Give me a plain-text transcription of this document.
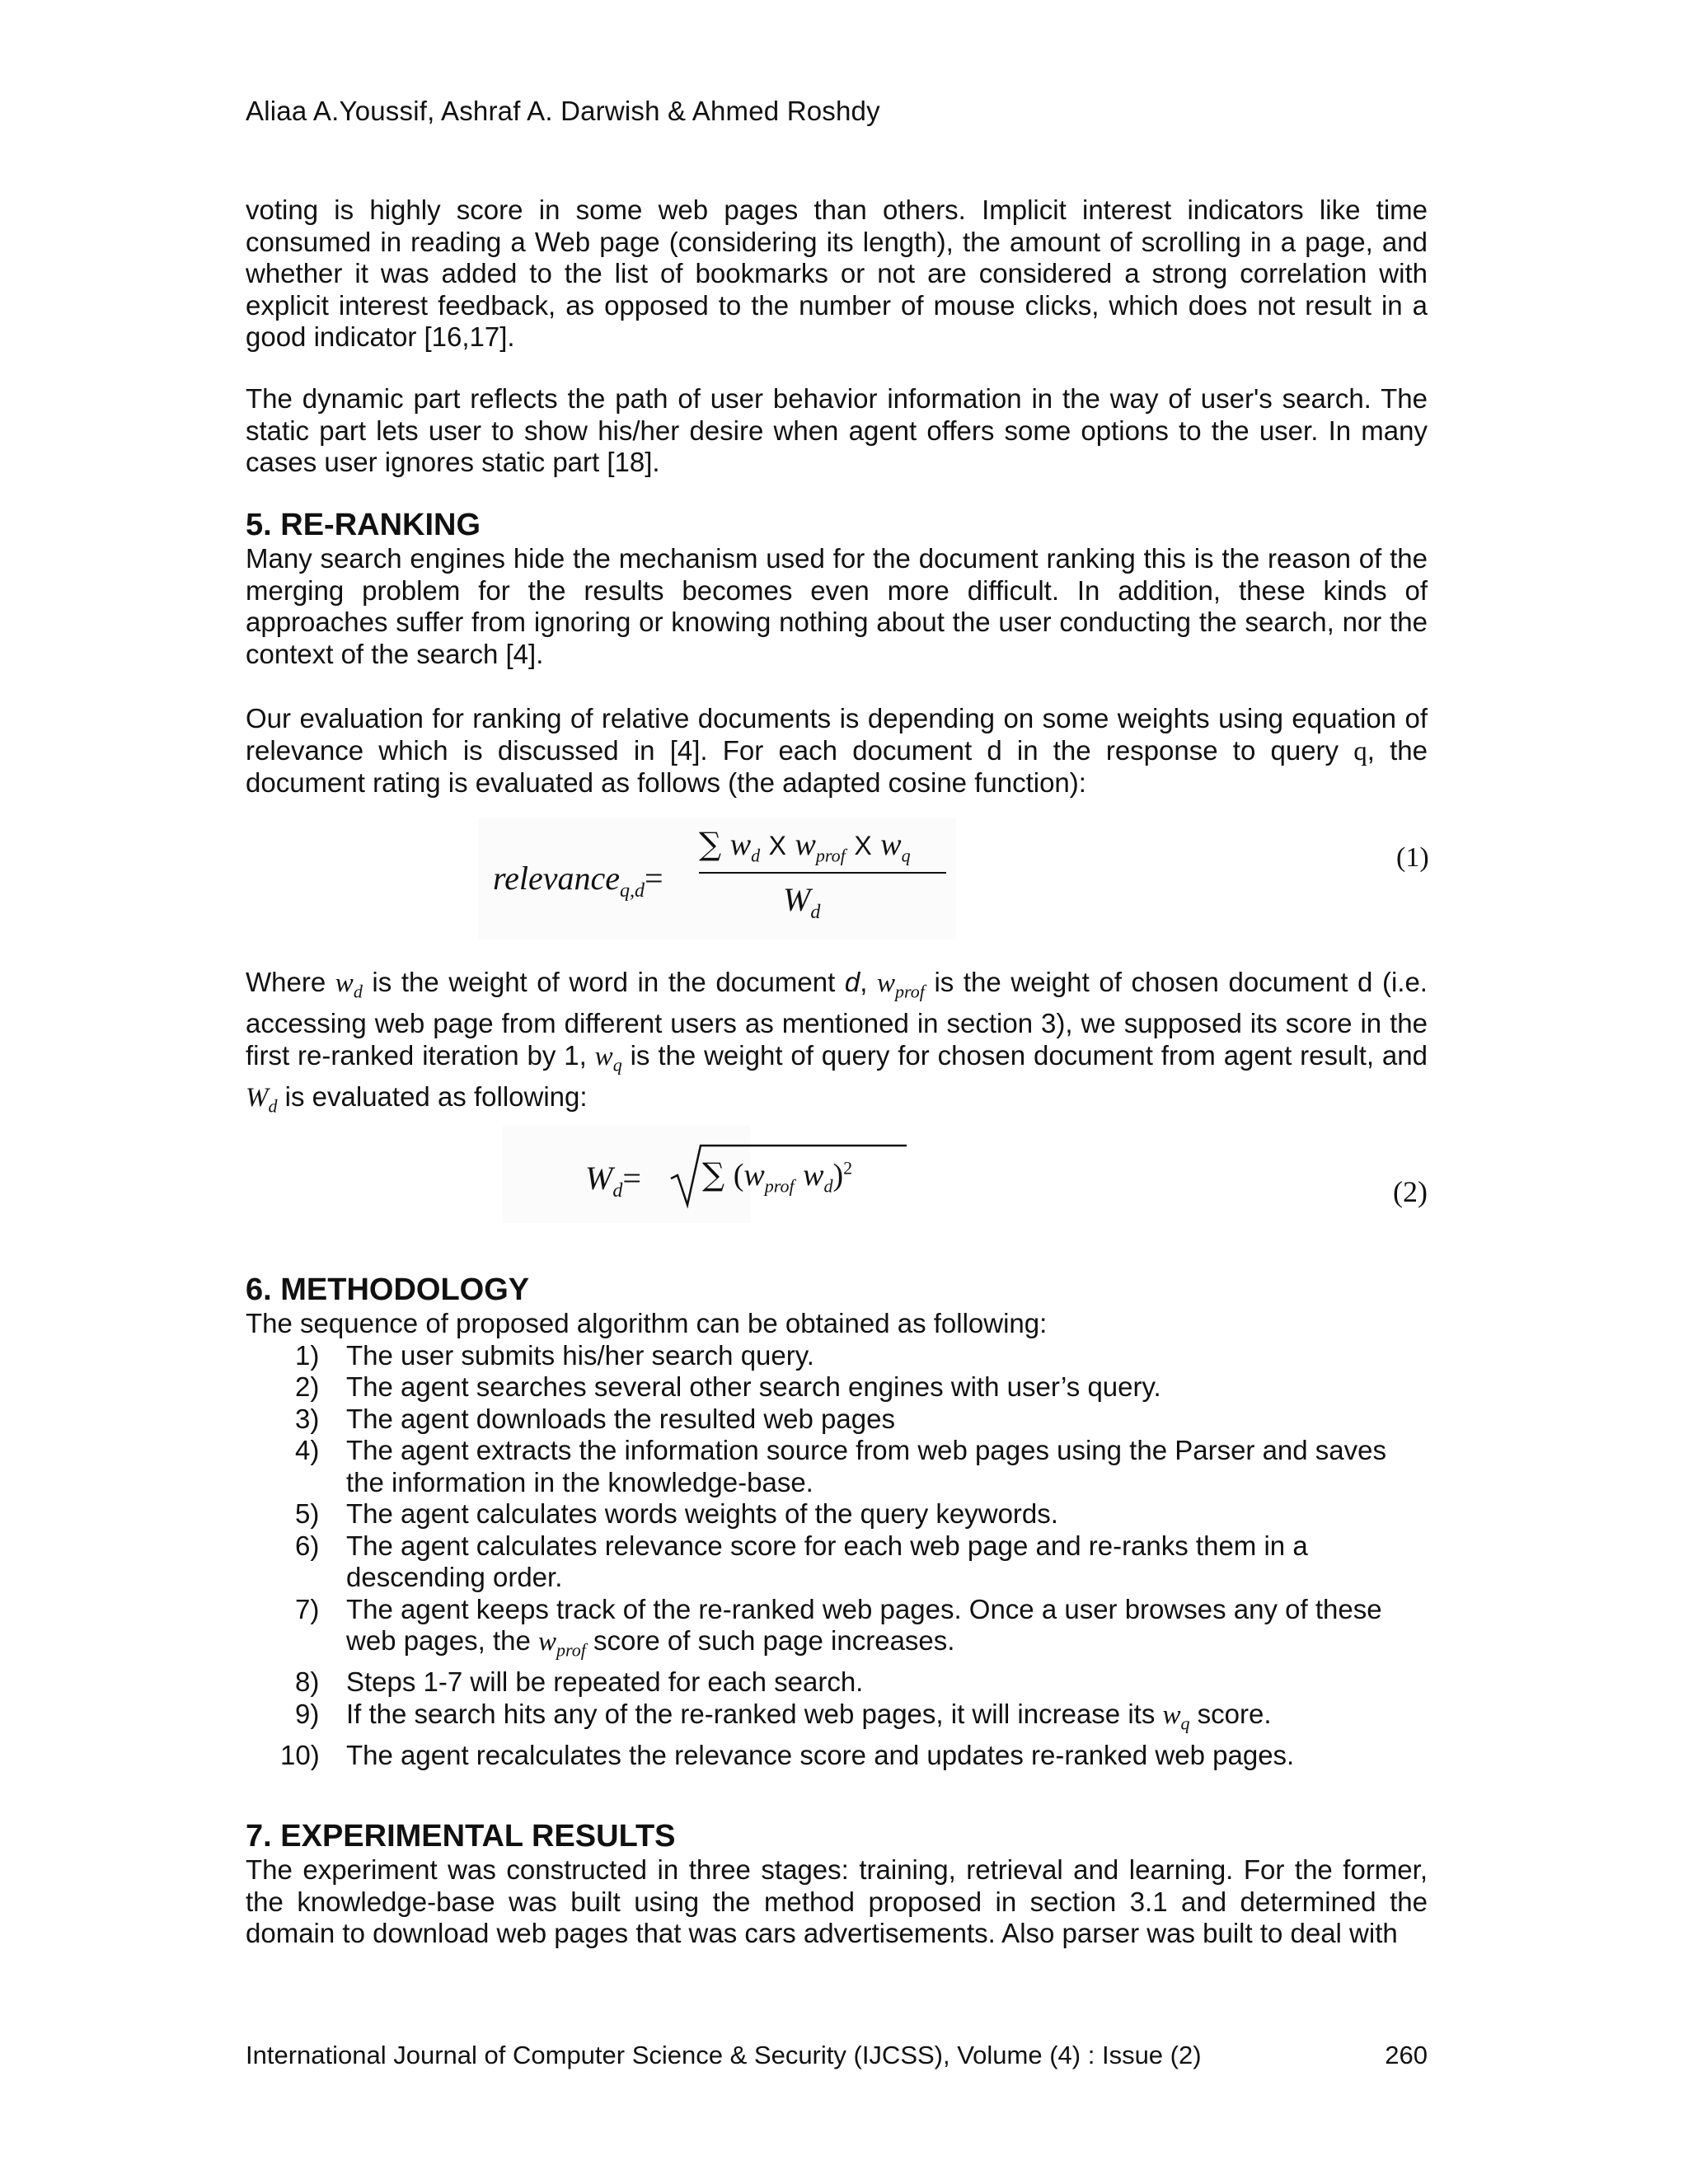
Aliaa A.Youssif, Ashraf A. Darwish & Ahmed Roshdy

voting is highly score in some web pages than others. Implicit interest indicators like time consumed in reading a Web page (considering its length), the amount of scrolling in a page, and whether it was added to the list of bookmarks or not are considered a strong correlation with explicit interest feedback, as opposed to the number of mouse clicks, which does not result in a good indicator [16,17].

The dynamic part reflects the path of user behavior information in the way of user's search. The static part lets user to show his/her desire when agent offers some options to the user. In many cases user ignores static part [18].

5. RE-RANKING

Many search engines hide the mechanism used for the document ranking this is the reason of the merging problem for the results becomes even more difficult. In addition, these kinds of approaches suffer from ignoring or knowing nothing about the user conducting the search, nor the context of the search [4].

Our evaluation for ranking of relative documents is depending on some weights using equation of relevance which is discussed in [4]. For each document d in the response to query q, the document rating is evaluated as follows (the adapted cosine function):

relevance$_{q,d}$=
∑ $w_d$ X $w_{prof}$ X $w_q$
$W_d$
(1)

Where $w_d$ is the weight of word in the document d, $w_{prof}$ is the weight of chosen document d (i.e. accessing web page from different users as mentioned in section 3), we supposed its score in the first re-ranked iteration by 1, $w_q$ is the weight of query for chosen document from agent result, and $W_d$ is evaluated as following:

$W_d=$ ∑ ($w_{prof}$ $w_d)^2$
(2)
6. METHODOLOGY

The sequence of proposed algorithm can be obtained as following:

1) The user submits his/her search query.
2) The agent searches several other search engines with user’s query.
3) The agent downloads the resulted web pages
4) The agent extracts the information source from web pages using the Parser and saves the information in the knowledge-base.
5) The agent calculates words weights of the query keywords.
6) The agent calculates relevance score for each web page and re-ranks them in a descending order.
7) The agent keeps track of the re-ranked web pages. Once a user browses any of these web pages, the $w_{prof}$ score of such page increases.
8) Steps 1-7 will be repeated for each search.
9) If the search hits any of the re-ranked web pages, it will increase its $w_q$ score.
10) The agent recalculates the relevance score and updates re-ranked web pages.
7. EXPERIMENTAL RESULTS

The experiment was constructed in three stages: training, retrieval and learning. For the former, the knowledge-base was built using the method proposed in section 3.1 and determined the domain to download web pages that was cars advertisements. Also parser was built to deal with

International Journal of Computer Science & Security (IJCSS), Volume (4) : Issue (2)	260
